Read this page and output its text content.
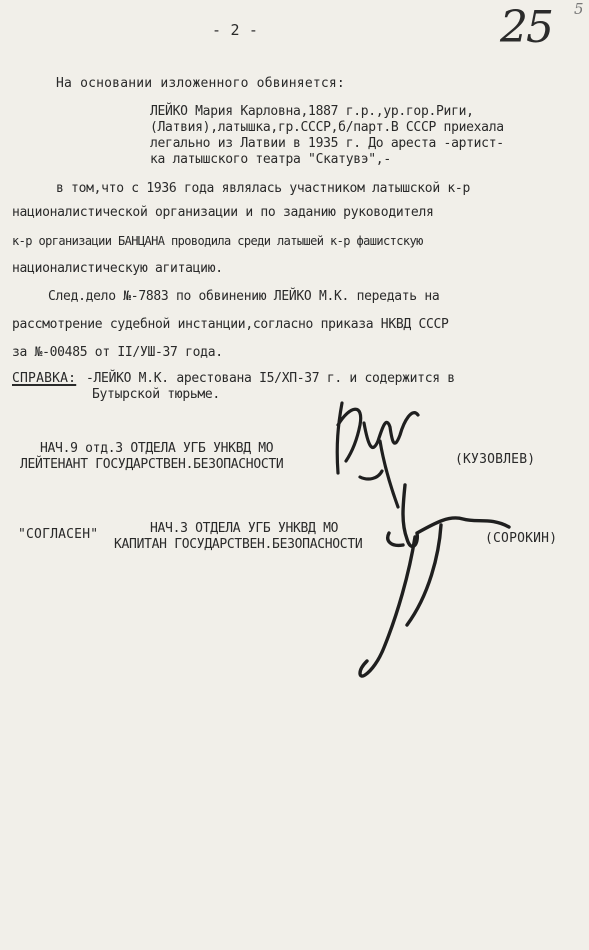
- 2 -	25 5
На основании изложенного обвиняется:
ЛЕЙКО Мария Карловна,1887 г.р.,ур.гор.Риги,
(Латвия),латышка,гр.СССР,б/парт.В СССР приехала
легально из Латвии в 1935 г. До ареста -артист-
ка латышского театра "Скатувэ",-
в том,что с 1936 года являлась участником латышской к-р
националистической организации и по заданию руководителя
к-р организации БАНЦАНА проводила среди латышей к-р фашистскую
националистическую агитацию.
След.дело №-7883 по обвинению ЛЕЙКО М.К. передать на
рассмотрение судебной инстанции,согласно приказа НКВД СССР
за №-00485 от II/УШ-37 года.
СПРАВКА: -ЛЕЙКО М.К. арестована I5/ХП-37 г. и содержится в
Бутырской тюрьме.
НАЧ.9 отд.3 ОТДЕЛА УГБ УНКВД МО
ЛЕЙТЕНАНТ ГОСУДАРСТВЕН.БЕЗОПАСНОСТИ	(КУЗОВЛЕВ)
"СОГЛАСЕН"	НАЧ.3 ОТДЕЛА УГБ УНКВД МО
КАПИТАН ГОСУДАРСТВЕН.БЕЗОПАСНОСТИ	(СОРОКИН)
